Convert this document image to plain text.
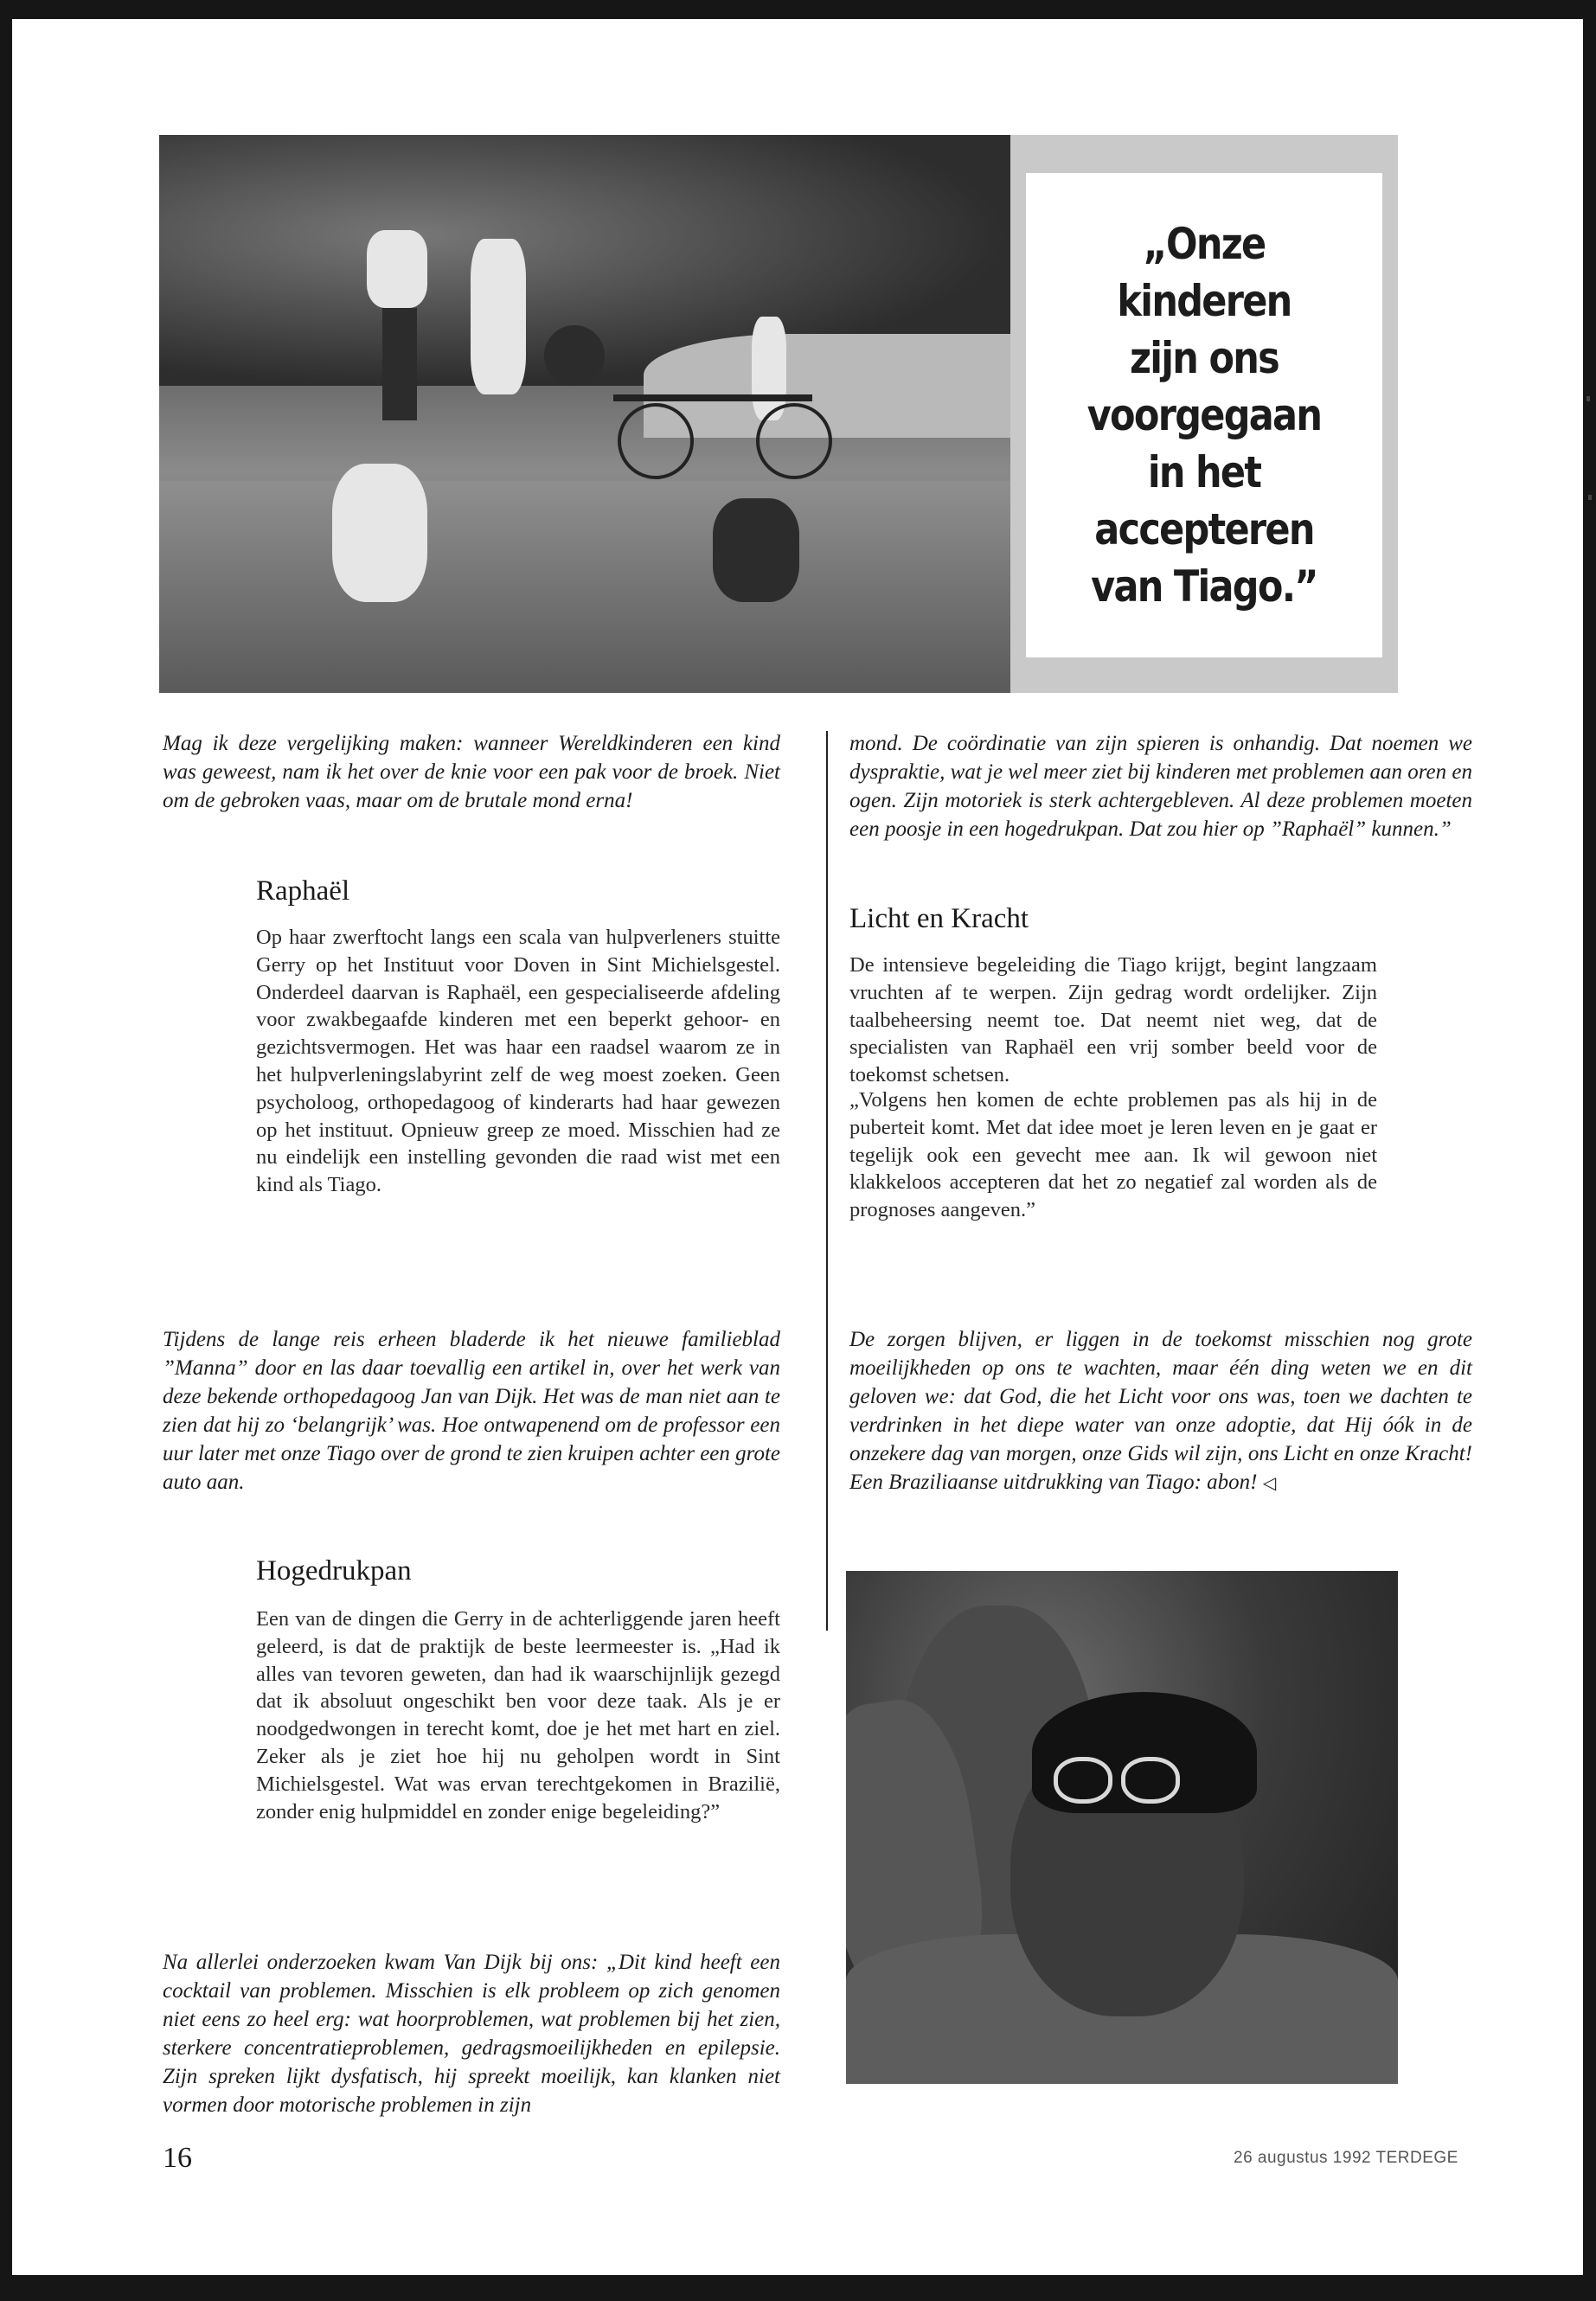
„Onze kinderen zijn ons voorgegaan in het accepteren van Tiago.”
Mag ik deze vergelijking maken: wanneer Wereldkinderen een kind was geweest, nam ik het over de knie voor een pak voor de broek. Niet om de gebroken vaas, maar om de brutale mond erna!
Raphaël
Op haar zwerftocht langs een scala van hulpverleners stuitte Gerry op het Instituut voor Doven in Sint Michielsgestel. Onderdeel daarvan is Raphaël, een gespecialiseerde afdeling voor zwakbegaafde kinderen met een beperkt gehoor- en gezichtsvermogen. Het was haar een raadsel waarom ze in het hulpverleningslabyrint zelf de weg moest zoeken. Geen psycholoog, orthopedagoog of kinderarts had haar gewezen op het instituut. Opnieuw greep ze moed. Misschien had ze nu eindelijk een instelling gevonden die raad wist met een kind als Tiago.
Tijdens de lange reis erheen bladerde ik het nieuwe familieblad ”Manna” door en las daar toevallig een artikel in, over het werk van deze bekende orthopedagoog Jan van Dijk. Het was de man niet aan te zien dat hij zo ‘belangrijk’ was. Hoe ontwapenend om de professor een uur later met onze Tiago over de grond te zien kruipen achter een grote auto aan.
Hogedrukpan
Een van de dingen die Gerry in de achterliggende jaren heeft geleerd, is dat de praktijk de beste leermeester is. „Had ik alles van tevoren geweten, dan had ik waarschijnlijk gezegd dat ik absoluut ongeschikt ben voor deze taak. Als je er noodgedwongen in terecht komt, doe je het met hart en ziel. Zeker als je ziet hoe hij nu geholpen wordt in Sint Michielsgestel. Wat was ervan terechtgekomen in Brazilië, zonder enig hulpmiddel en zonder enige begeleiding?”
Na allerlei onderzoeken kwam Van Dijk bij ons: „Dit kind heeft een cocktail van problemen. Misschien is elk probleem op zich genomen niet eens zo heel erg: wat hoorproblemen, wat problemen bij het zien, sterkere concentratieproblemen, gedragsmoeilijkheden en epilepsie. Zijn spreken lijkt dysfatisch, hij spreekt moeilijk, kan klanken niet vormen door motorische problemen in zijn
mond. De coördinatie van zijn spieren is onhandig. Dat noemen we dyspraktie, wat je wel meer ziet bij kinderen met problemen aan oren en ogen. Zijn motoriek is sterk achtergebleven. Al deze problemen moeten een poosje in een hogedrukpan. Dat zou hier op ”Raphaël” kunnen.”
Licht en Kracht
De intensieve begeleiding die Tiago krijgt, begint langzaam vruchten af te werpen. Zijn gedrag wordt ordelijker. Zijn taalbeheersing neemt toe. Dat neemt niet weg, dat de specialisten van Raphaël een vrij somber beeld voor de toekomst schetsen.
„Volgens hen komen de echte problemen pas als hij in de puberteit komt. Met dat idee moet je leren leven en je gaat er tegelijk ook een gevecht mee aan. Ik wil gewoon niet klakkeloos accepteren dat het zo negatief zal worden als de prognoses aangeven.”
De zorgen blijven, er liggen in de toekomst misschien nog grote moeilijkheden op ons te wachten, maar één ding weten we en dit geloven we: dat God, die het Licht voor ons was, toen we dachten te verdrinken in het diepe water van onze adoptie, dat Hij óók in de onzekere dag van morgen, onze Gids wil zijn, ons Licht en onze Kracht! Een Braziliaanse uitdrukking van Tiago: abon! ◁
16	26 augustus 1992 TERDEGE
